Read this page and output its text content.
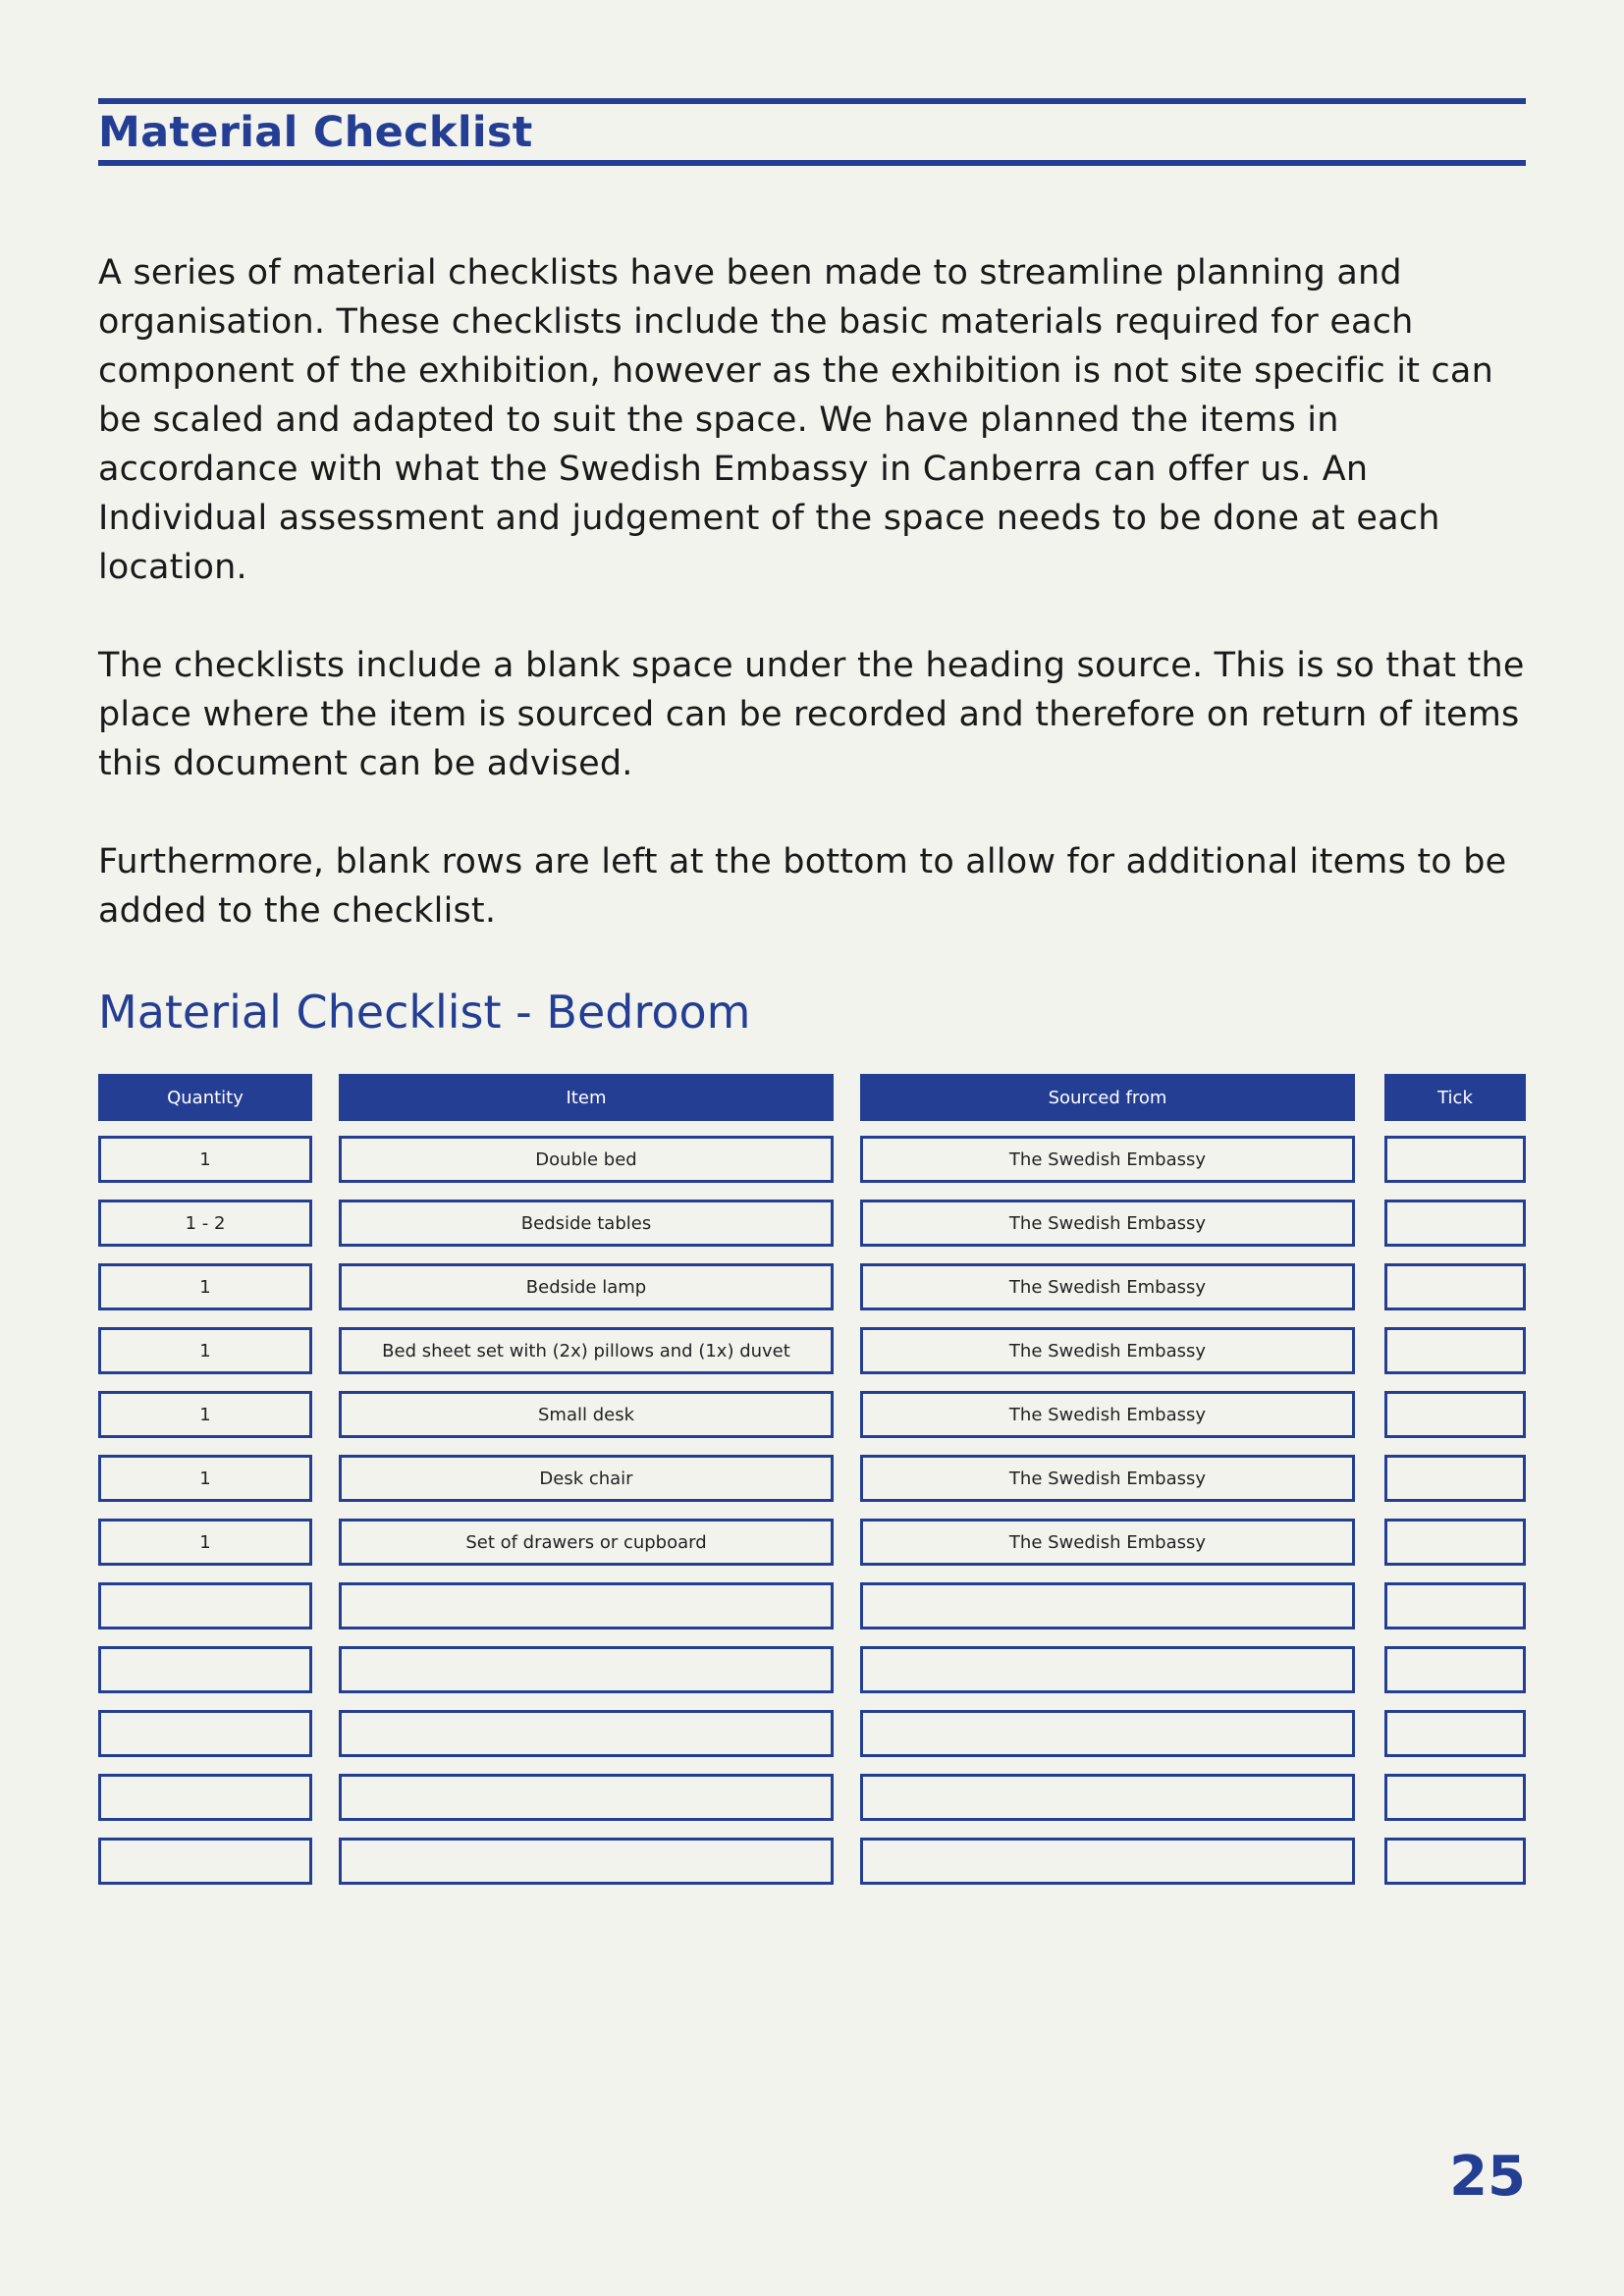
Material Checklist

A series of material checklists have been made to streamline planning and organisation. These checklists include the basic materials required for each component of the exhibition, however as the exhibition is not site specific it can be scaled and adapted to suit the space. We have planned the items in accordance with what the Swedish Embassy in Canberra can offer us. An Individual assessment and judgement of the space needs to be done at each location.

The checklists include a blank space under the heading source. This is so that the place where the item is sourced can be recorded and therefore on return of items this document can be advised.

Furthermore, blank rows are left at the bottom to allow for additional items to be added to the checklist.

Material Checklist - Bedroom
Quantity	Item	Sourced from	Tick
1	Double bed	The Swedish Embassy
1 - 2	Bedside tables	The Swedish Embassy
1	Bedside lamp	The Swedish Embassy
1	Bed sheet set with (2x) pillows and (1x) duvet	The Swedish Embassy
1	Small desk	The Swedish Embassy
1	Desk chair	The Swedish Embassy
1	Set of drawers or cupboard	The Swedish Embassy

25
